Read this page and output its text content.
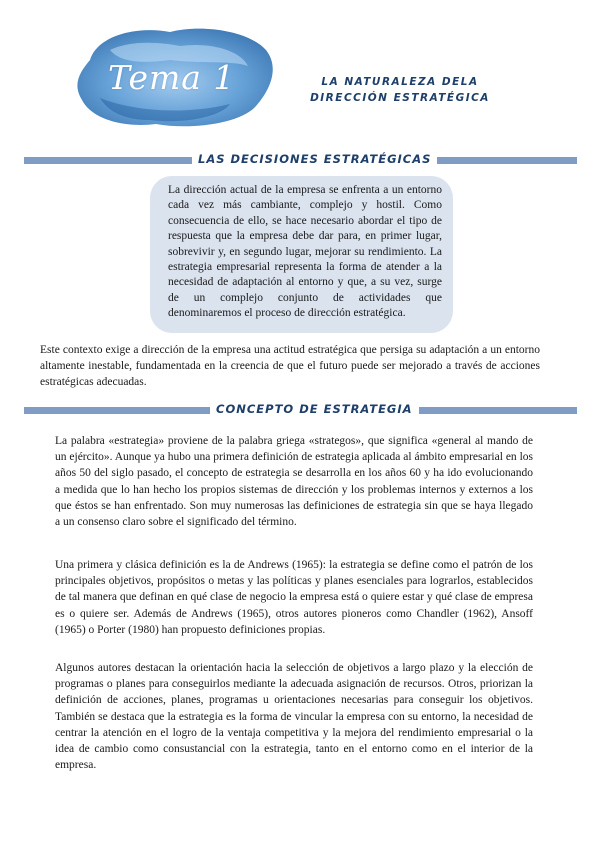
Tema 1	LA NATURALEZA DELA DIRECCIÓN ESTRATÉGICA
LAS DECISIONES ESTRATÉGICAS
La dirección actual de la empresa se enfrenta a un entorno cada vez más cambiante, complejo y hostil. Como consecuencia de ello, se hace necesario abordar el tipo de respuesta que la empresa debe dar para, en primer lugar, sobrevivir y, en segundo lugar, mejorar su rendimiento. La estrategia empresarial representa la forma de atender a la necesidad de adaptación al entorno y que, a su vez, surge de un complejo conjunto de actividades que denominaremos el proceso de dirección estratégica.
Este contexto exige a dirección de la empresa una actitud estratégica que persiga su adaptación a un entorno altamente inestable, fundamentada en la creencia de que el futuro puede ser mejorado a través de acciones estratégicas adecuadas.
CONCEPTO DE ESTRATEGIA
La palabra «estrategia» proviene de la palabra griega «strategos», que significa «general al mando de un ejército». Aunque ya hubo una primera definición de estrategia aplicada al ámbito empresarial en los años 50 del siglo pasado, el concepto de estrategia se desarrolla en los años 60 y ha ido evolucionando a medida que lo han hecho los propios sistemas de dirección y los problemas internos y externos a los que éstos se han enfrentado. Son muy numerosas las definiciones de estrategia sin que se haya llegado a un consenso claro sobre el significado del término.
Una primera y clásica definición es la de Andrews (1965): la estrategia se define como el patrón de los principales objetivos, propósitos o metas y las políticas y planes esenciales para lograrlos, establecidos de tal manera que definan en qué clase de negocio la empresa está o quiere estar y qué clase de empresa es o quiere ser. Además de Andrews (1965), otros autores pioneros como Chandler (1962), Ansoff (1965) o Porter (1980) han propuesto definiciones propias.
Algunos autores destacan la orientación hacia la selección de objetivos a largo plazo y la elección de programas o planes para conseguirlos mediante la adecuada asignación de recursos. Otros, priorizan la definición de acciones, planes, programas u orientaciones necesarias para conseguir los objetivos. También se destaca que la estrategia es la forma de vincular la empresa con su entorno, la necesidad de centrar la atención en el logro de la ventaja competitiva y la mejora del rendimiento empresarial o la idea de cambio como consustancial con la estrategia, tanto en el entorno como en el interior de la empresa.
